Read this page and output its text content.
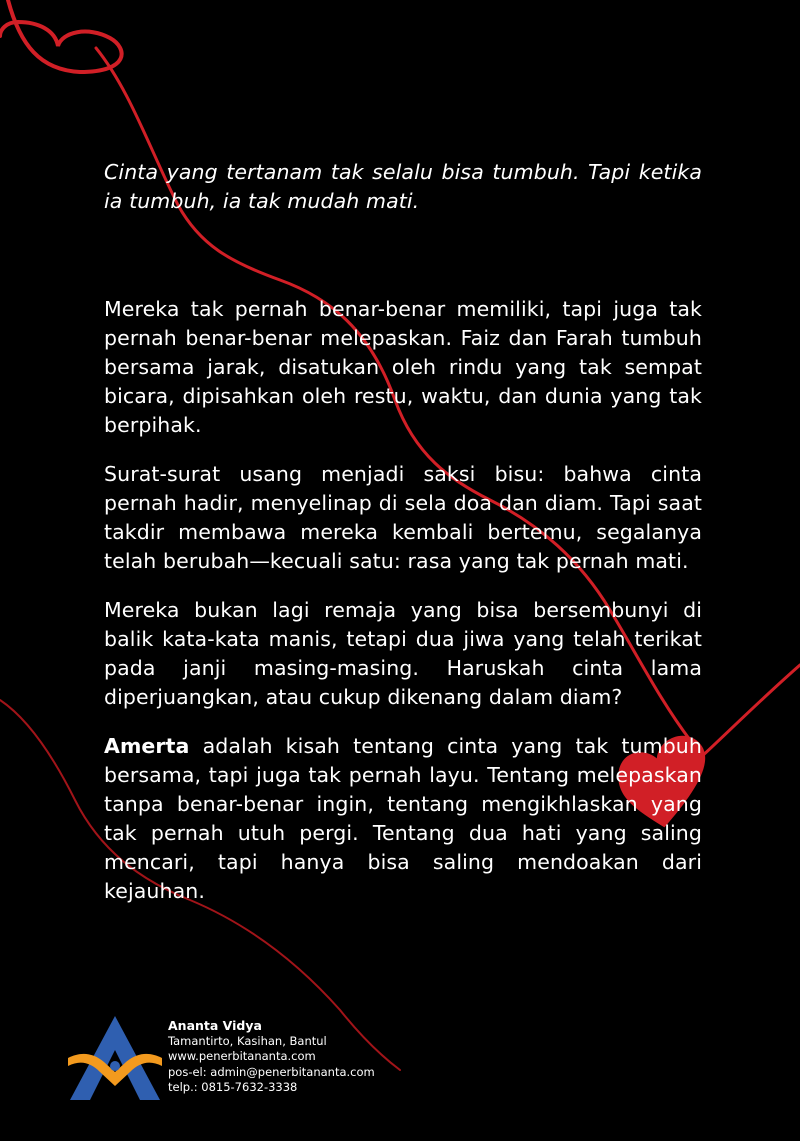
Cinta yang tertanam tak selalu bisa tumbuh. Tapi ketika ia tumbuh, ia tak mudah mati.

Mereka tak pernah benar-benar memiliki, tapi juga tak pernah benar-benar melepaskan. Faiz dan Farah tumbuh bersama jarak, disatukan oleh rindu yang tak sempat bicara, dipisahkan oleh restu, waktu, dan dunia yang tak berpihak.

Surat-surat usang menjadi saksi bisu: bahwa cinta pernah hadir, menyelinap di sela doa dan diam. Tapi saat takdir membawa mereka kembali bertemu, segalanya telah berubah—kecuali satu: rasa yang tak pernah mati.

Mereka bukan lagi remaja yang bisa bersembunyi di balik kata-kata manis, tetapi dua jiwa yang telah terikat pada janji masing-masing. Haruskah cinta lama diperjuangkan, atau cukup dikenang dalam diam?

Amerta adalah kisah tentang cinta yang tak tumbuh bersama, tapi juga tak pernah layu. Tentang melepaskan tanpa benar-benar ingin, tentang mengikhlaskan yang tak pernah utuh pergi. Tentang dua hati yang saling mencari, tapi hanya bisa saling mendoakan dari kejauhan.

Ananta Vidya
Tamantirto, Kasihan, Bantul
www.penerbitananta.com
pos-el: admin@penerbitananta.com
telp.: 0815-7632-3338
